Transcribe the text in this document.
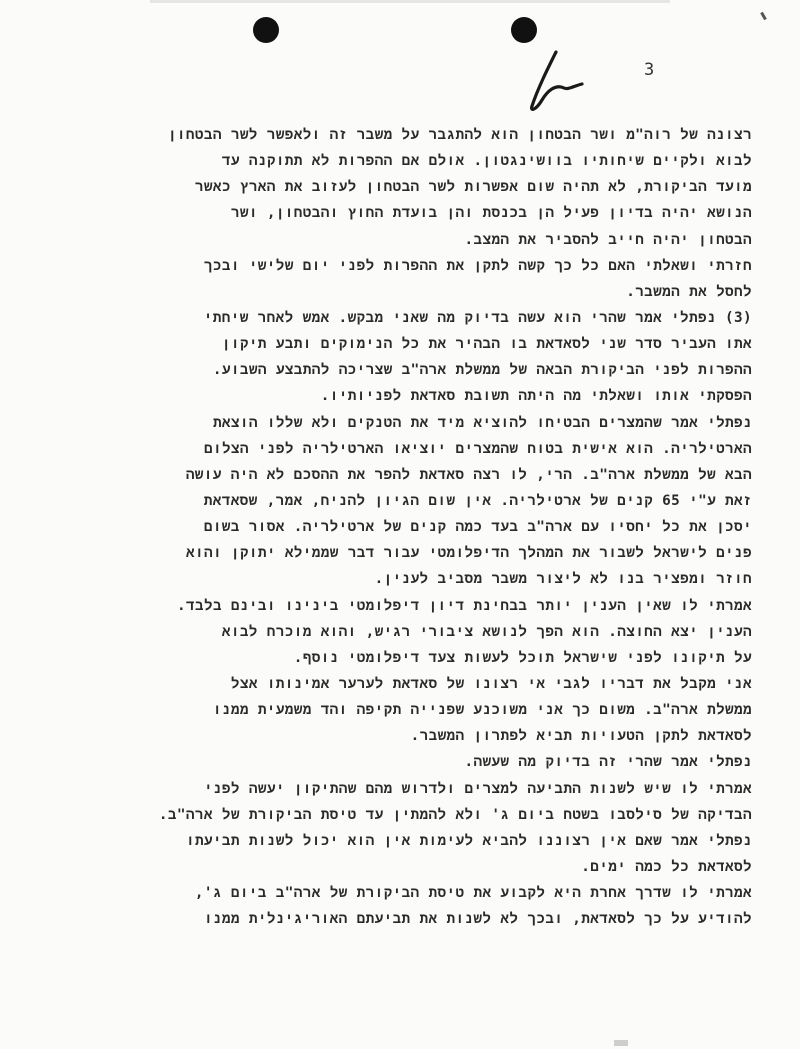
3
רצונה של רוה"מ ושר הבטחון הוא להתגבר על משבר זה ולאפשר לשר הבטחון
לבוא ולקיים שיחותיו בוושינגטון. אולם אם ההפרות לא תתוקנה עד
מועד הביקורת, לא תהיה שום אפשרות לשר הבטחון לעזוב את הארץ כאשר
הנושא יהיה בדיון פעיל הן בכנסת והן בועדת החוץ והבטחון, ושר
הבטחון יהיה חייב להסביר את המצב.
חזרתי ושאלתי האם כל כך קשה לתקן את ההפרות לפני יום שלישי ובכך
לחסל את המשבר.
(3) נפתלי אמר שהרי הוא עשה בדיוק מה שאני מבקש. אמש לאחר שיחתי
אתו העביר סדר שני לסאדאת בו הבהיר את כל הנימוקים ותבע תיקון
ההפרות לפני הביקורת הבאה של ממשלת ארה"ב שצריכה להתבצע השבוע.
הפסקתי אותו ושאלתי מה היתה תשובת סאדאת לפניותיו.
נפתלי אמר שהמצרים הבטיחו להוציא מיד את הטנקים ולא שללו הוצאת
הארטילריה. הוא אישית בטוח שהמצרים יוציאו הארטילריה לפני הצלום
הבא של ממשלת ארה"ב. הרי, לו רצה סאדאת להפר את ההסכם לא היה עושה
זאת ע"י 65 קנים של ארטילריה. אין שום הגיון להניח, אמר, שסאדאת
יסכן את כל יחסיו עם ארה"ב בעד כמה קנים של ארטילריה. אסור בשום
פנים לישראל לשבור את המהלך הדיפלומטי עבור דבר שממילא יתוקן והוא
חוזר ומפציר בנו לא ליצור משבר מסביב לענין.
אמרתי לו שאין הענין יותר בבחינת דיון דיפלומטי בינינו ובינם בלבד.
הענין יצא החוצה. הוא הפך לנושא ציבורי רגיש, והוא מוכרח לבוא
על תיקונו לפני שישראל תוכל לעשות צעד דיפלומטי נוסף.
אני מקבל את דבריו לגבי אי רצונו של סאדאת לערער אמינותו אצל
ממשלת ארה"ב. משום כך אני משוכנע שפנייה תקיפה והד משמעית ממנו
לסאדאת לתקן הטעויות תביא לפתרון המשבר.
נפתלי אמר שהרי זה בדיוק מה שעשה.
אמרתי לו שיש לשנות התביעה למצרים ולדרוש מהם שהתיקון יעשה לפני
הבדיקה של סילסבו בשטח ביום ג' ולא להמתין עד טיסת הביקורת של ארה"ב.
נפתלי אמר שאם אין רצוננו להביא לעימות אין הוא יכול לשנות תביעתו
לסאדאת כל כמה ימים.
אמרתי לו שדרך אחרת היא לקבוע את טיסת הביקורת של ארה"ב ביום ג',
להודיע על כך לסאדאת, ובכך לא לשנות את תביעתם האוריגינלית ממנו
